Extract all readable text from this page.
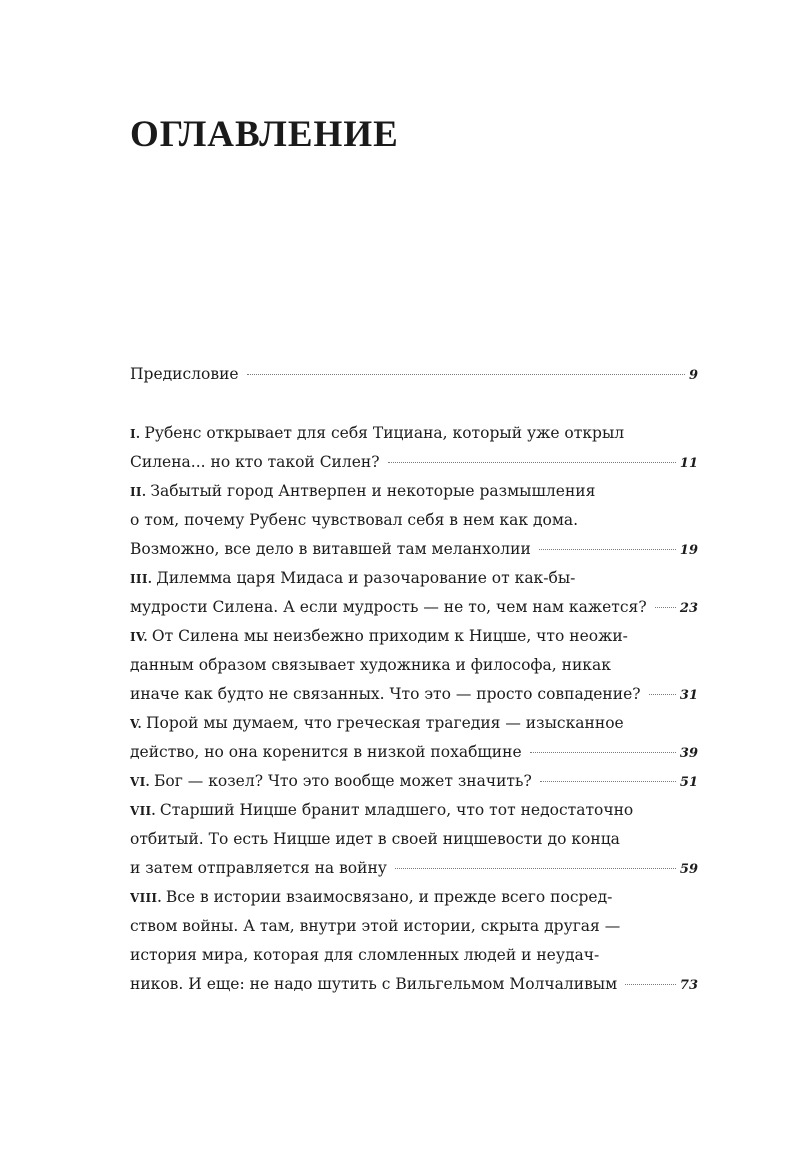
ОГЛАВЛЕНИЕ
Предисловие	9
I. Рубенс открывает для себя Тициана, который уже открыл
Силена... но кто такой Силен?	11
II. Забытый город Антверпен и некоторые размышления
о том, почему Рубенс чувствовал себя в нем как дома.
Возможно, все дело в витавшей там меланхолии	19
III. Дилемма царя Мидаса и разочарование от как-бы-
мудрости Силена. А если мудрость — не то, чем нам кажется?	23
IV. От Силена мы неизбежно приходим к Ницше, что неожи-
данным образом связывает художника и философа, никак
иначе как будто не связанных. Что это — просто совпадение?	31
V. Порой мы думаем, что греческая трагедия — изысканное
действо, но она коренится в низкой похабщине	39
VI. Бог — козел? Что это вообще может значить?	51
VII. Старший Ницше бранит младшего, что тот недостаточно
отбитый. То есть Ницше идет в своей ницшевости до конца
и затем отправляется на войну	59
VIII. Все в истории взаимосвязано, и прежде всего посред-
ством войны. А там, внутри этой истории, скрыта другая —
история мира, которая для сломленных людей и неудач-
ников. И еще: не надо шутить с Вильгельмом Молчаливым	73
